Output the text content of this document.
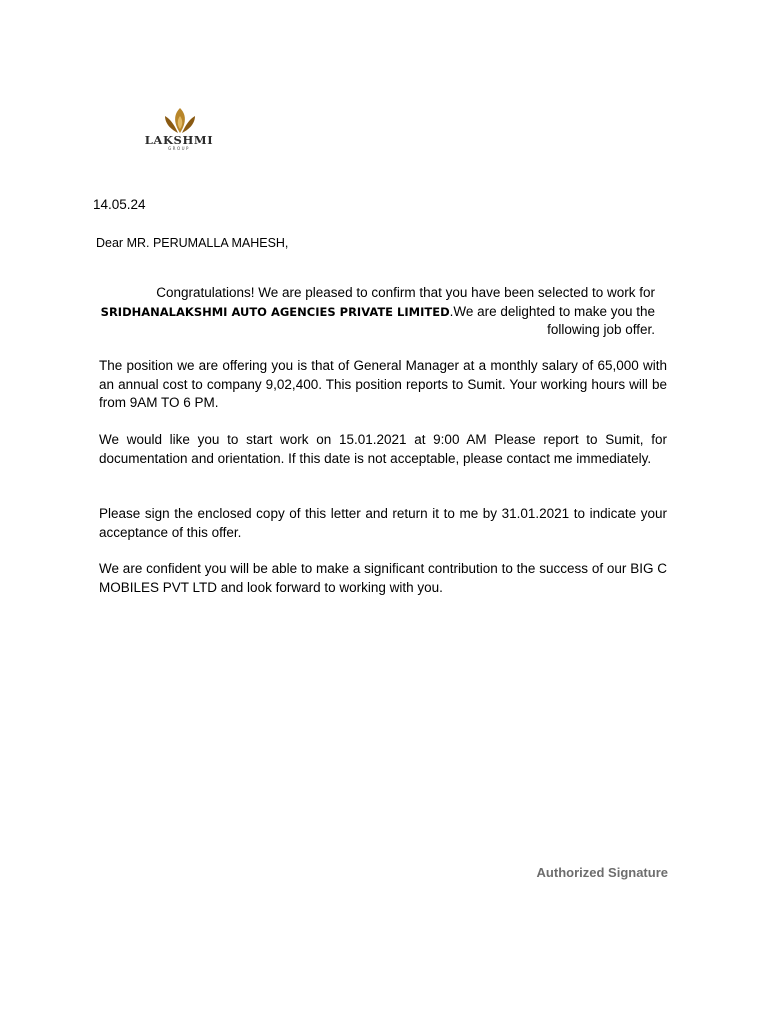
LAKSHMI
GROUP
14.05.24
Dear MR. PERUMALLA MAHESH,
Congratulations! We are pleased to confirm that you have been selected to work for SRIDHANALAKSHMI AUTO AGENCIES PRIVATE LIMITED.We are delighted to make you the following job offer.

The position we are offering you is that of General Manager at a monthly salary of 65,000 with an annual cost to company 9,02,400. This position reports to Sumit. Your working hours will be from 9AM TO 6 PM.

We would like you to start work on 15.01.2021 at 9:00 AM Please report to Sumit, for documentation and orientation. If this date is not acceptable, please contact me immediately.

Please sign the enclosed copy of this letter and return it to me by 31.01.2021 to indicate your acceptance of this offer.

We are confident you will be able to make a significant contribution to the success of our BIG C MOBILES PVT LTD and look forward to working with you.

Authorized Signature
